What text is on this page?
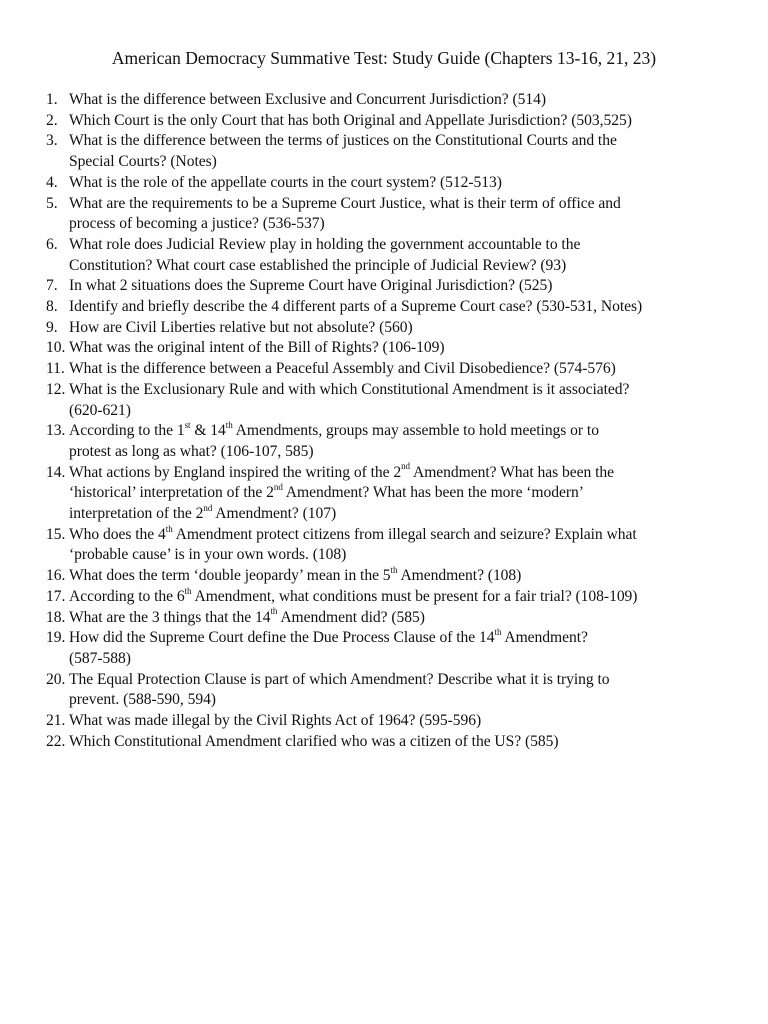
American Democracy Summative Test: Study Guide (Chapters 13-16, 21, 23)
1. What is the difference between Exclusive and Concurrent Jurisdiction? (514)
2. Which Court is the only Court that has both Original and Appellate Jurisdiction? (503,525)
3. What is the difference between the terms of justices on the Constitutional Courts and the
Special Courts? (Notes)
4. What is the role of the appellate courts in the court system? (512-513)
5. What are the requirements to be a Supreme Court Justice, what is their term of office and
process of becoming a justice? (536-537)
6. What role does Judicial Review play in holding the government accountable to the
Constitution? What court case established the principle of Judicial Review? (93)
7. In what 2 situations does the Supreme Court have Original Jurisdiction? (525)
8. Identify and briefly describe the 4 different parts of a Supreme Court case? (530-531, Notes)
9. How are Civil Liberties relative but not absolute? (560)
10. What was the original intent of the Bill of Rights? (106-109)
11. What is the difference between a Peaceful Assembly and Civil Disobedience? (574-576)
12. What is the Exclusionary Rule and with which Constitutional Amendment is it associated?
(620-621)
13. According to the 1st & 14th Amendments, groups may assemble to hold meetings or to
protest as long as what? (106-107, 585)
14. What actions by England inspired the writing of the 2nd Amendment? What has been the
‘historical’ interpretation of the 2nd Amendment? What has been the more ‘modern’
interpretation of the 2nd Amendment? (107)
15. Who does the 4th Amendment protect citizens from illegal search and seizure? Explain what
‘probable cause’ is in your own words. (108)
16. What does the term ‘double jeopardy’ mean in the 5th Amendment? (108)
17. According to the 6th Amendment, what conditions must be present for a fair trial? (108-109)
18. What are the 3 things that the 14th Amendment did? (585)
19. How did the Supreme Court define the Due Process Clause of the 14th Amendment?
(587-588)
20. The Equal Protection Clause is part of which Amendment? Describe what it is trying to
prevent. (588-590, 594)
21. What was made illegal by the Civil Rights Act of 1964? (595-596)
22. Which Constitutional Amendment clarified who was a citizen of the US? (585)
